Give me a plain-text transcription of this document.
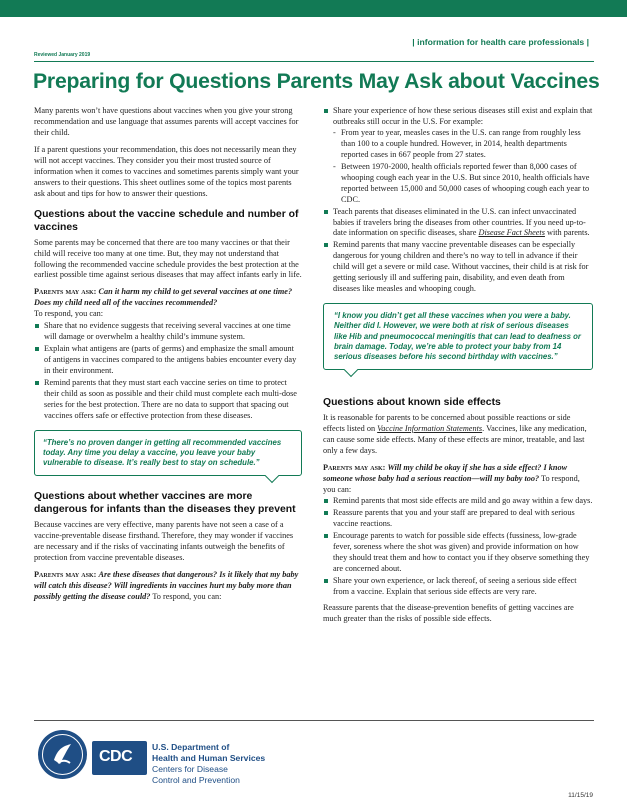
| information for health care professionals |
Reviewed January 2019
Preparing for Questions Parents May Ask about Vaccines

Many parents won’t have questions about vaccines when you give your strong recommendation and use language that assumes parents will accept vaccines for their child.

If a parent questions your recommendation, this does not necessarily mean they will not accept vaccines. They consider you their most trusted source of information when it comes to vaccines and sometimes parents simply want your answers to their questions. This sheet outlines some of the topics most parents ask about and tips for how to answer their questions.

Questions about the vaccine schedule and number of vaccines

Some parents may be concerned that there are too many vaccines or that their child will receive too many at one time. But, they may not understand that following the recommended vaccine schedule provides the best protection at the earliest possible time against serious diseases that may affect infants early in life.

Parents may ask: Can it harm my child to get several vaccines at one time? Does my child need all of the vaccines recommended?

To respond, you can:

Share that no evidence suggests that receiving several vaccines at one time will damage or overwhelm a healthy child’s immune system.
Explain what antigens are (parts of germs) and emphasize the small amount of antigens in vaccines compared to the antigens babies encounter every day in their environment.
Remind parents that they must start each vaccine series on time to protect their child as soon as possible and their child must complete each multi-dose series for the best protection. There are no data to support that spacing out vaccines offers safe or effective protection from these diseases.
“There’s no proven danger in getting all recommended vaccines today. Any time you delay a vaccine, you leave your baby vulnerable to disease. It’s really best to stay on schedule.”
Questions about whether vaccines are more dangerous for infants than the diseases they prevent

Because vaccines are very effective, many parents have not seen a case of a vaccine-preventable disease firsthand. Therefore, they may wonder if vaccines are necessary and if the risks of vaccinating infants outweigh the benefits of protection from vaccine preventable diseases.

Parents may ask: Are these diseases that dangerous? Is it likely that my baby will catch this disease? Will ingredients in vaccines hurt my baby more than possibly getting the disease could? To respond, you can:

Share your experience of how these serious diseases still exist and explain that outbreaks still occur in the U.S. For example:
- From year to year, measles cases in the U.S. can range from roughly less than 100 to a couple hundred. However, in 2014, health departments reported cases in 667 people from 27 states.
- Between 1970-2000, health officials reported fewer than 8,000 cases of whooping cough each year in the U.S. But since 2010, health officials have reported between 15,000 and 50,000 cases of whooping cough each year to CDC.
Teach parents that diseases eliminated in the U.S. can infect unvaccinated babies if travelers bring the diseases from other countries. If you need up-to-date information on specific diseases, share Disease Fact Sheets with parents.
Remind parents that many vaccine preventable diseases can be especially dangerous for young children and there’s no way to tell in advance if their child will get a severe or mild case. Without vaccines, their child is at risk for getting seriously ill and suffering pain, disability, and even death from diseases like measles and whooping cough.
“I know you didn’t get all these vaccines when you were a baby. Neither did I. However, we were both at risk of serious diseases like Hib and pneumococcal meningitis that can lead to deafness or brain damage. Today, we’re able to protect your baby from 14 serious diseases before his second birthday with vaccines.”
Questions about known side effects

It is reasonable for parents to be concerned about possible reactions or side effects listed on Vaccine Information Statements. Vaccines, like any medication, can cause some side effects. Many of these effects are minor, treatable, and last only a few days.

Parents may ask: Will my child be okay if she has a side effect? I know someone whose baby had a serious reaction—will my baby too? To respond, you can:

Remind parents that most side effects are mild and go away within a few days.
Reassure parents that you and your staff are prepared to deal with serious vaccine reactions.
Encourage parents to watch for possible side effects (fussiness, low-grade fever, soreness where the shot was given) and provide information on how they should treat them and how to contact you if they observe something they are concerned about.
Share your own experience, or lack thereof, of seeing a serious side effect from a vaccine. Explain that serious side effects are very rare.

Reassure parents that the disease-prevention benefits of getting vaccines are much greater than the risks of possible side effects.

CDC
U.S. Department of
Health and Human Services
Centers for Disease
Control and Prevention
11/15/19
